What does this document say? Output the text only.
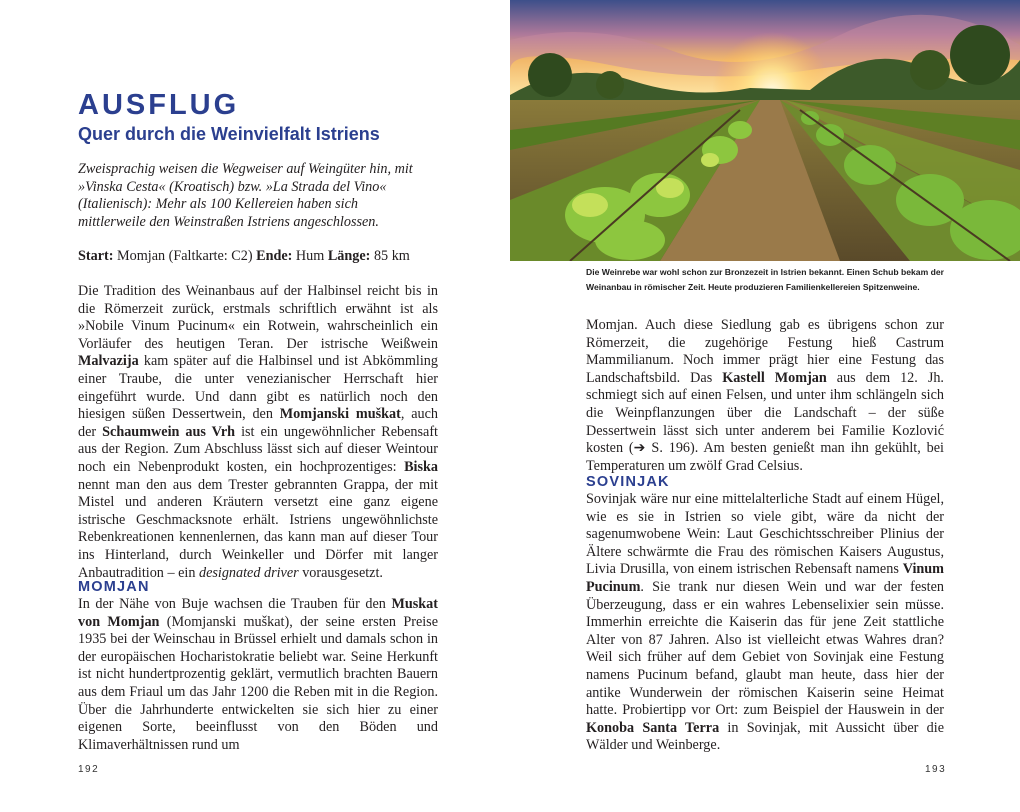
AUSFLUG
Quer durch die Weinvielfalt Istriens
Zweisprachig weisen die Wegweiser auf Weingüter hin, mit »Vinska Cesta« (Kroatisch) bzw. »La Strada del Vino« (Italienisch): Mehr als 100 Kellereien haben sich mittlerweile den Weinstraßen Istriens angeschlossen.
Start: Momjan (Faltkarte: C2) Ende: Hum Länge: 85 km
Die Tradition des Weinanbaus auf der Halbinsel reicht bis in die Römerzeit zurück, erstmals schriftlich erwähnt ist als »Nobile Vinum Pucinum« ein Rotwein, wahrscheinlich ein Vorläufer des heutigen Teran. Der istrische Weißwein Malvazija kam später auf die Halbinsel und ist Abkömmling einer Traube, die unter venezianischer Herrschaft hier eingeführt wurde. Und dann gibt es natürlich noch den hiesigen süßen Dessertwein, den Momjanski muškat, auch der Schaumwein aus Vrh ist ein ungewöhnlicher Rebensaft aus der Region. Zum Abschluss lässt sich auf dieser Weintour noch ein Nebenprodukt kosten, ein hochprozentiges: Biska nennt man den aus dem Trester gebrannten Grappa, der mit Mistel und anderen Kräutern versetzt eine ganz eigene istrische Geschmacksnote erhält. Istriens ungewöhnlichste Rebenkreationen kennenlernen, das kann man auf dieser Tour ins Hinterland, durch Weinkeller und Dörfer mit langer Anbautradition – ein designated driver vorausgesetzt.
MOMJAN
In der Nähe von Buje wachsen die Trauben für den Muskat von Momjan (Momjanski muškat), der seine ersten Preise 1935 bei der Weinschau in Brüssel erhielt und damals schon in der europäischen Hocharistokratie beliebt war. Seine Herkunft ist nicht hundertprozentig geklärt, vermutlich brachten Bauern aus dem Friaul um das Jahr 1200 die Reben mit in die Region. Über die Jahrhunderte entwickelten sie sich hier zu einer eigenen Sorte, beeinflusst von den Böden und Klimaverhältnissen rund um
192
Die Weinrebe war wohl schon zur Bronzezeit in Istrien bekannt. Einen Schub bekam der Weinanbau in römischer Zeit. Heute produzieren Familienkellereien Spitzenweine.
Momjan. Auch diese Siedlung gab es übrigens schon zur Römerzeit, die zugehörige Festung hieß Castrum Mammilianum. Noch immer prägt hier eine Festung das Landschaftsbild. Das Kastell Momjan aus dem 12. Jh. schmiegt sich auf einen Felsen, und unter ihm schlängeln sich die Weinpflanzungen über die Landschaft – der süße Dessertwein lässt sich unter anderem bei Familie Kozlović kosten (➔ S. 196). Am besten genießt man ihn gekühlt, bei Temperaturen um zwölf Grad Celsius.
SOVINJAK
Sovinjak wäre nur eine mittelalterliche Stadt auf einem Hügel, wie es sie in Istrien so viele gibt, wäre da nicht der sagenumwobene Wein: Laut Geschichtsschreiber Plinius der Ältere schwärmte die Frau des römischen Kaisers Augustus, Livia Drusilla, von einem istrischen Rebensaft namens Vinum Pucinum. Sie trank nur diesen Wein und war der festen Überzeugung, dass er ein wahres Lebenselixier sein müsse. Immerhin erreichte die Kaiserin das für jene Zeit stattliche Alter von 87 Jahren. Also ist vielleicht etwas Wahres dran? Weil sich früher auf dem Gebiet von Sovinjak eine Festung namens Pucinum befand, glaubt man heute, dass hier der antike Wunderwein der römischen Kaiserin seine Heimat hatte. Probiertipp vor Ort: zum Beispiel der Hauswein in der Konoba Santa Terra in Sovinjak, mit Aussicht über die Wälder und Weinberge.
193
